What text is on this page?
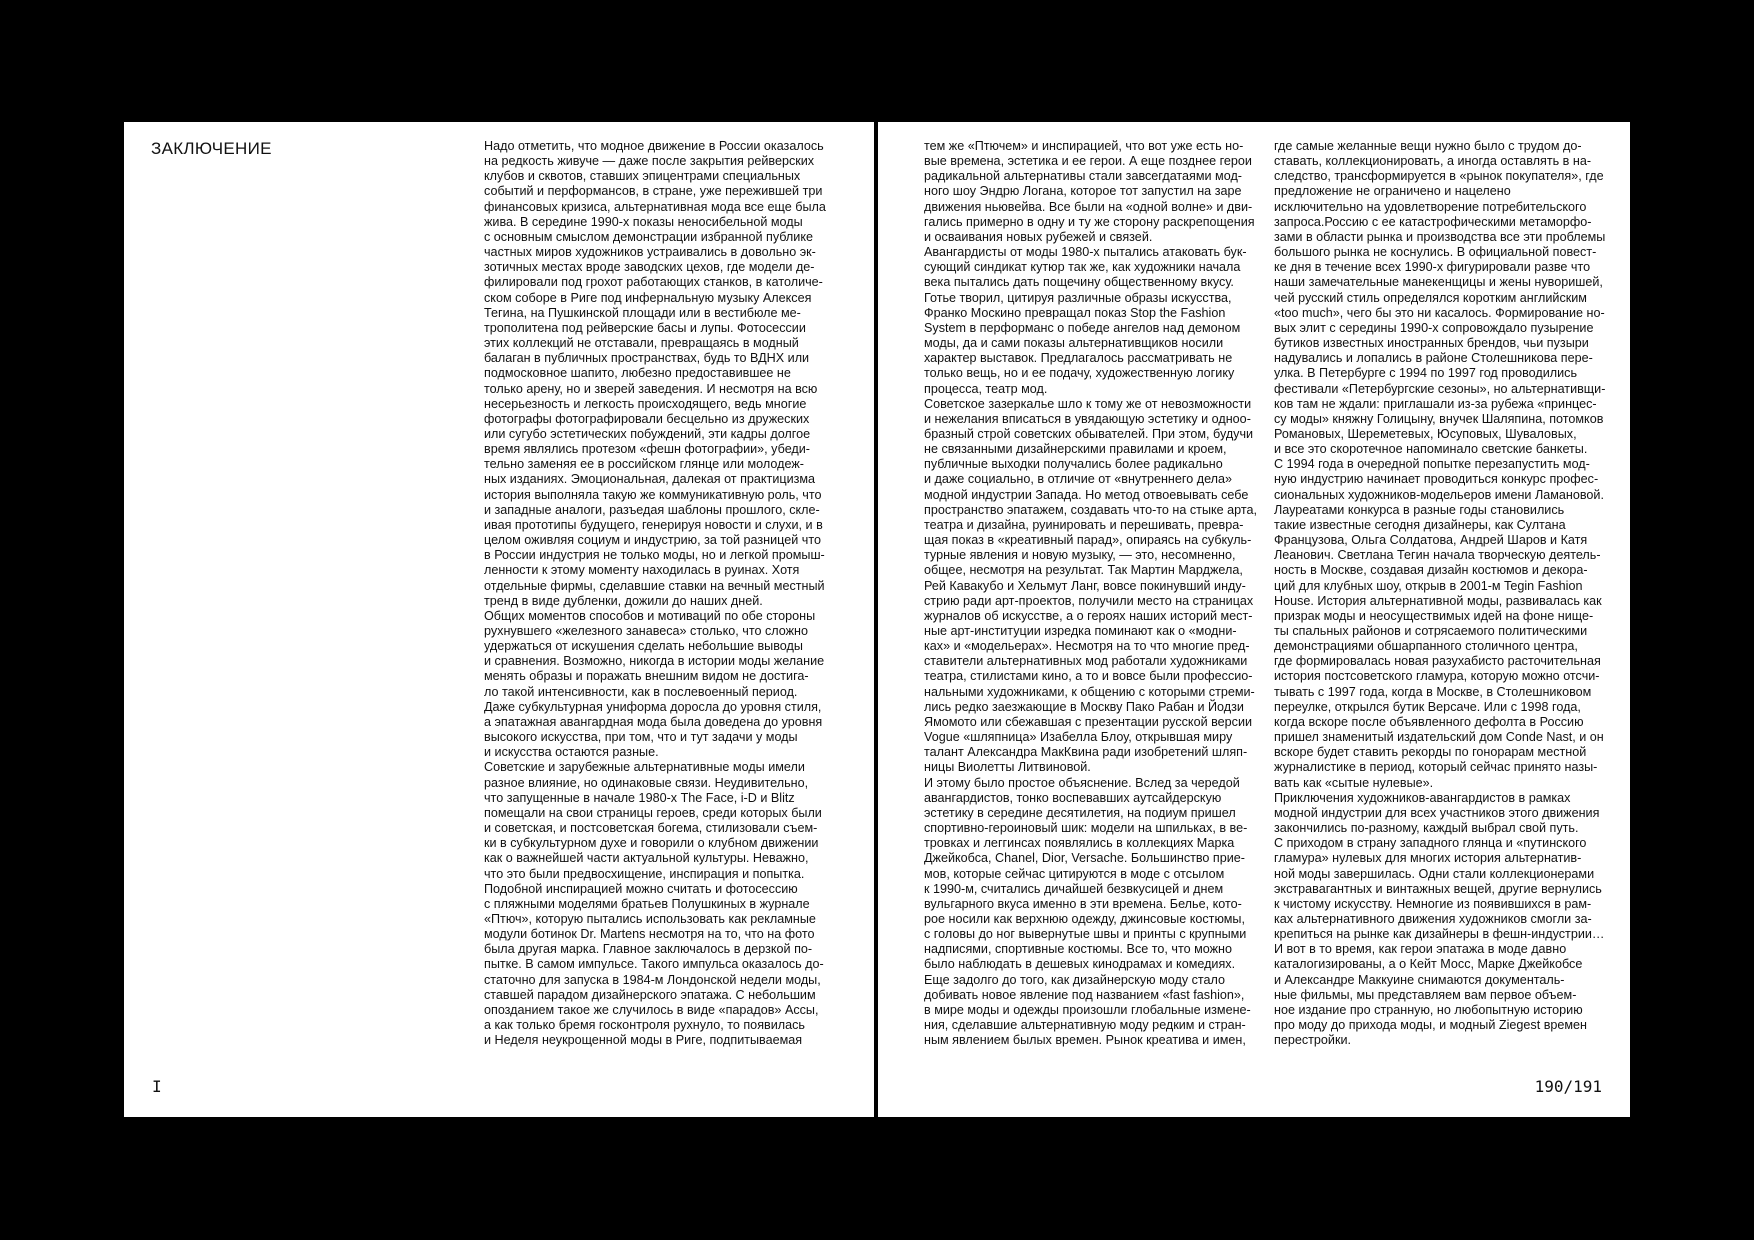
ЗАКЛЮЧЕНИЕ	Надо отметить, что модное движение в России оказалось
на редкость живуче — даже после закрытия рейверских
клубов и сквотов, ставших эпицентрами специальных
событий и перформансов, в стране, уже пережившей три
финансовых кризиса, альтернативная мода все еще была
жива. В середине 1990-х показы неносибельной моды
с основным смыслом демонстрации избранной публике
частных миров художников устраивались в довольно эк-
зотичных местах вроде заводских цехов, где модели де-
филировали под грохот работающих станков, в католиче-
ском соборе в Риге под инфернальную музыку Алексея
Тегина, на Пушкинской площади или в вестибюле ме-
трополитена под рейверские басы и лупы. Фотосессии
этих коллекций не отставали, превращаясь в модный
балаган в публичных пространствах, будь то ВДНХ или
подмосковное шапито, любезно предоставившее не
только арену, но и зверей заведения. И несмотря на всю
несерьезность и легкость происходящего, ведь многие
фотографы фотографировали бесцельно из дружеских
или сугубо эстетических побуждений, эти кадры долгое
время являлись протезом «фешн фотографии», убеди-
тельно заменяя ее в российском глянце или молодеж-
ных изданиях. Эмоциональная, далекая от практицизма
история выполняла такую же коммуникативную роль, что
и западные аналоги, разъедая шаблоны прошлого, скле-
ивая прототипы будущего, генерируя новости и слухи, и в
целом оживляя социум и индустрию, за той разницей что
в России индустрия не только моды, но и легкой промыш-
ленности к этому моменту находилась в руинах. Хотя
отдельные фирмы, сделавшие ставки на вечный местный
тренд в виде дубленки, дожили до наших дней.
Общих моментов способов и мотиваций по обе стороны
рухнувшего «железного занавеса» столько, что сложно
удержаться от искушения сделать небольшие выводы
и сравнения. Возможно, никогда в истории моды желание
менять образы и поражать внешним видом не достига-
ло такой интенсивности, как в послевоенный период.
Даже субкультурная униформа доросла до уровня стиля,
а эпатажная авангардная мода была доведена до уровня
высокого искусства, при том, что и тут задачи у моды
и искусства остаются разные.
Советские и зарубежные альтернативные моды имели
разное влияние, но одинаковые связи. Неудивительно,
что запущенные в начале 1980-х The Face, i-D и Blitz
помещали на свои страницы героев, среди которых были
и советская, и постсоветская богема, стилизовали съем-
ки в субкультурном духе и говорили о клубном движении
как о важнейшей части актуальной культуры. Неважно,
что это были предвосхищение, инспирация и попытка.
Подобной инспирацией можно считать и фотосессию
с пляжными моделями братьев Полушкиных в журнале
«Птюч», которую пытались использовать как рекламные
модули ботинок Dr. Martens несмотря на то, что на фото
была другая марка. Главное заключалось в дерзкой по-
пытке. В самом импульсе. Такого импульса оказалось до-
статочно для запуска в 1984-м Лондонской недели моды,
ставшей парадом дизайнерского эпатажа. С небольшим
опозданием такое же случилось в виде «парадов» Ассы,
а как только бремя госконтроля рухнуло, то появилась
и Неделя неукрощенной моды в Риге, подпитываемая
I
тем же «Птючем» и инспирацией, что вот уже есть но-
вые времена, эстетика и ее герои. А еще позднее герои
радикальной альтернативы стали завсегдатаями мод-
ного шоу Эндрю Логана, которое тот запустил на заре
движения ньювейва. Все были на «одной волне» и дви-
гались примерно в одну и ту же сторону раскрепощения
и осваивания новых рубежей и связей.
Авангардисты от моды 1980-х пытались атаковать бук-
сующий синдикат кутюр так же, как художники начала
века пытались дать пощечину общественному вкусу.
Готье творил, цитируя различные образы искусства,
Франко Москино превращал показ Stop the Fashion
System в перформанс о победе ангелов над демоном
моды, да и сами показы альтернативщиков носили
характер выставок. Предлагалось рассматривать не
только вещь, но и ее подачу, художественную логику
процесса, театр мод.
Советское зазеркалье шло к тому же от невозможности
и нежелания вписаться в увядающую эстетику и одноо-
бразный строй советских обывателей. При этом, будучи
не связанными дизайнерскими правилами и кроем,
публичные выходки получались более радикально
и даже социально, в отличие от «внутреннего дела»
модной индустрии Запада. Но метод отвоевывать себе
пространство эпатажем, создавать что-то на стыке арта,
театра и дизайна, руинировать и перешивать, превра-
щая показ в «креативный парад», опираясь на субкуль-
турные явления и новую музыку, — это, несомненно,
общее, несмотря на результат. Так Мартин Марджела,
Рей Кавакубо и Хельмут Ланг, вовсе покинувший инду-
стрию ради арт-проектов, получили место на страницах
журналов об искусстве, а о героях наших историй мест-
ные арт-институции изредка поминают как о «модни-
ках» и «модельерах». Несмотря на то что многие пред-
ставители альтернативных мод работали художниками
театра, стилистами кино, а то и вовсе были профессио-
нальными художниками, к общению с которыми стреми-
лись редко заезжающие в Москву Пако Рабан и Йодзи
Ямомото или сбежавшая с презентации русской версии
Vogue «шляпница» Изабелла Блоу, открывшая миру
талант Александра МакКвина ради изобретений шляп-
ницы Виолетты Литвиновой.
И этому было простое объяснение. Вслед за чередой
авангардистов, тонко воспевавших аутсайдерскую
эстетику в середине десятилетия, на подиум пришел
спортивно-героиновый шик: модели на шпильках, в ве-
тровках и леггинсах появлялись в коллекциях Марка
Джейкобса, Chanel, Dior, Versache. Большинство прие-
мов, которые сейчас цитируются в моде с отсылом
к 1990-м, считались дичайшей безвкусицей и днем
вульгарного вкуса именно в эти времена. Белье, кото-
рое носили как верхнюю одежду, джинсовые костюмы,
с головы до ног вывернутые швы и принты с крупными
надписями, спортивные костюмы. Все то, что можно
было наблюдать в дешевых кинодрамах и комедиях.
Еще задолго до того, как дизайнерскую моду стало
добивать новое явление под названием «fast fashion»,
в мире моды и одежды произошли глобальные измене-
ния, сделавшие альтернативную моду редким и стран-
ным явлением былых времен. Рынок креатива и имен,
где самые желанные вещи нужно было с трудом до-
ставать, коллекционировать, а иногда оставлять в на-
следство, трансформируется в «рынок покупателя», где
предложение не ограничено и нацелено
исключительно на удовлетворение потребительского
запроса.Россию с ее катастрофическими метаморфо-
зами в области рынка и производства все эти проблемы
большого рынка не коснулись. В официальной повест-
ке дня в течение всех 1990-х фигурировали разве что
наши замечательные манекенщицы и жены нуворишей,
чей русский стиль определялся коротким английским
«too much», чего бы это ни касалось. Формирование но-
вых элит с середины 1990-х сопровождало пузырение
бутиков известных иностранных брендов, чьи пузыри
надувались и лопались в районе Столешникова пере-
улка. В Петербурге с 1994 по 1997 год проводились
фестивали «Петербургские сезоны», но альтернативщи-
ков там не ждали: приглашали из-за рубежа «принцес-
су моды» княжну Голицыну, внучек Шаляпина, потомков
Романовых, Шереметевых, Юсуповых, Шуваловых,
и все это скоротечное напоминало светские банкеты.
С 1994 года в очередной попытке перезапустить мод-
ную индустрию начинает проводиться конкурс профес-
сиональных художников-модельеров имени Ламановой.
Лауреатами конкурса в разные годы становились
такие известные сегодня дизайнеры, как Султана
Французова, Ольга Солдатова, Андрей Шаров и Катя
Леанович. Светлана Тегин начала творческую деятель-
ность в Москве, создавая дизайн костюмов и декора-
ций для клубных шоу, открыв в 2001-м Tegin Fashion
House. История альтернативной моды, развивалась как
призрак моды и неосуществимых идей на фоне нище-
ты спальных районов и сотрясаемого политическими
демонстрациями обшарпанного столичного центра,
где формировалась новая разухабисто расточительная
история постсоветского гламура, которую можно отсчи-
тывать с 1997 года, когда в Москве, в Столешниковом
переулке, открылся бутик Версаче. Или с 1998 года,
когда вскоре после объявленного дефолта в Россию
пришел знаменитый издательский дом Conde Nast, и он
вскоре будет ставить рекорды по гонорарам местной
журналистике в период, который сейчас принято назы-
вать как «сытые нулевые».
Приключения художников-авангардистов в рамках
модной индустрии для всех участников этого движения
закончились по-разному, каждый выбрал свой путь.
С приходом в страну западного глянца и «путинского
гламура» нулевых для многих история альтернатив-
ной моды завершилась. Одни стали коллекционерами
экстравагантных и винтажных вещей, другие вернулись
к чистому искусству. Немногие из появившихся в рам-
ках альтернативного движения художников смогли за-
крепиться на рынке как дизайнеры в фешн-индустрии…
И вот в то время, как герои эпатажа в моде давно
каталогизированы, а о Кейт Мосс, Марке Джейкобсе
и Александре Маккуине снимаются документаль-
ные фильмы, мы представляем вам первое объем-
ное издание про странную, но любопытную историю
про моду до прихода моды, и модный Ziegest времен
перестройки.
190/191
